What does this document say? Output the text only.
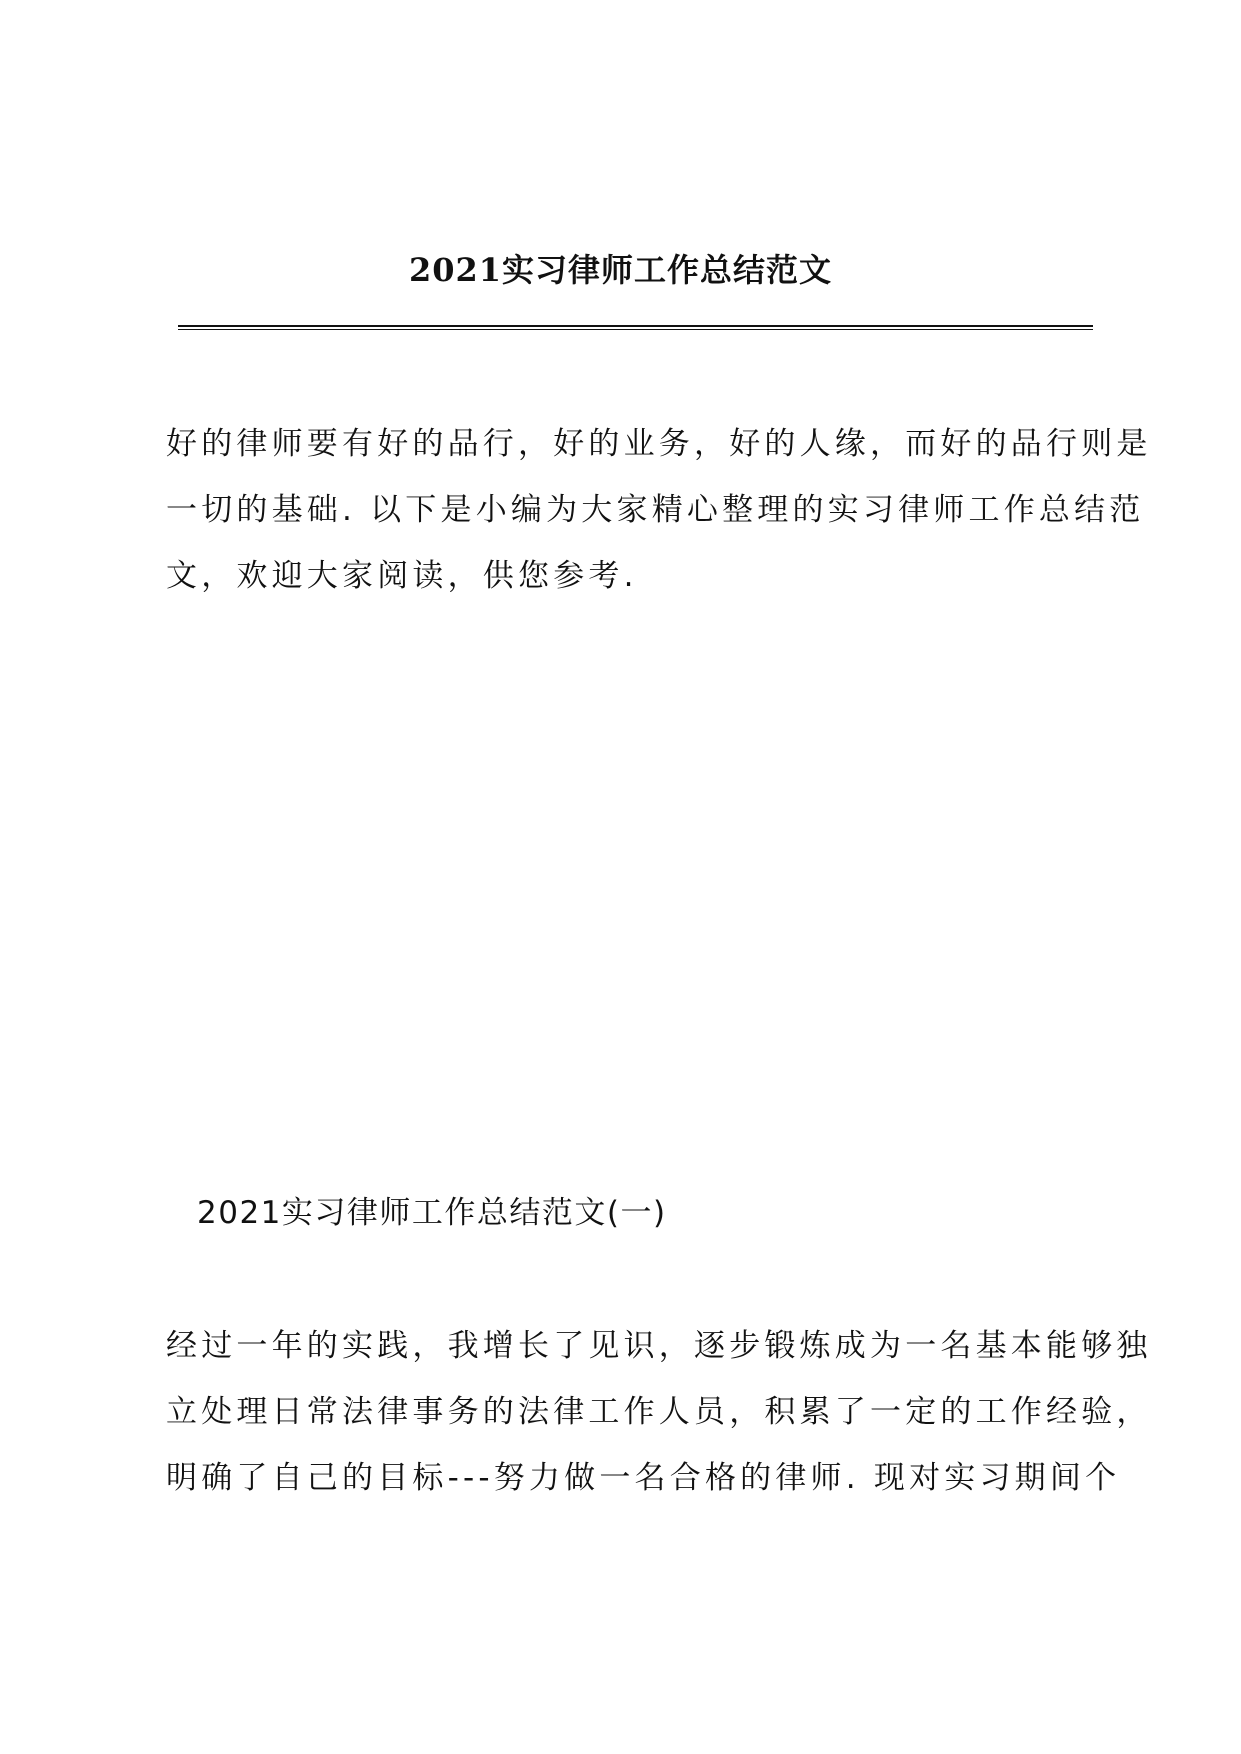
2021实习律师工作总结范文
好的律师要有好的品行，好的业务，好的人缘，而好的品行则是
一切的基础. 以下是小编为大家精心整理的实习律师工作总结范
文，欢迎大家阅读，供您参考.
2021实习律师工作总结范文(一)
经过一年的实践，我增长了见识，逐步锻炼成为一名基本能够独
立处理日常法律事务的法律工作人员，积累了一定的工作经验，
明确了自己的目标---努力做一名合格的律师. 现对实习期间个
